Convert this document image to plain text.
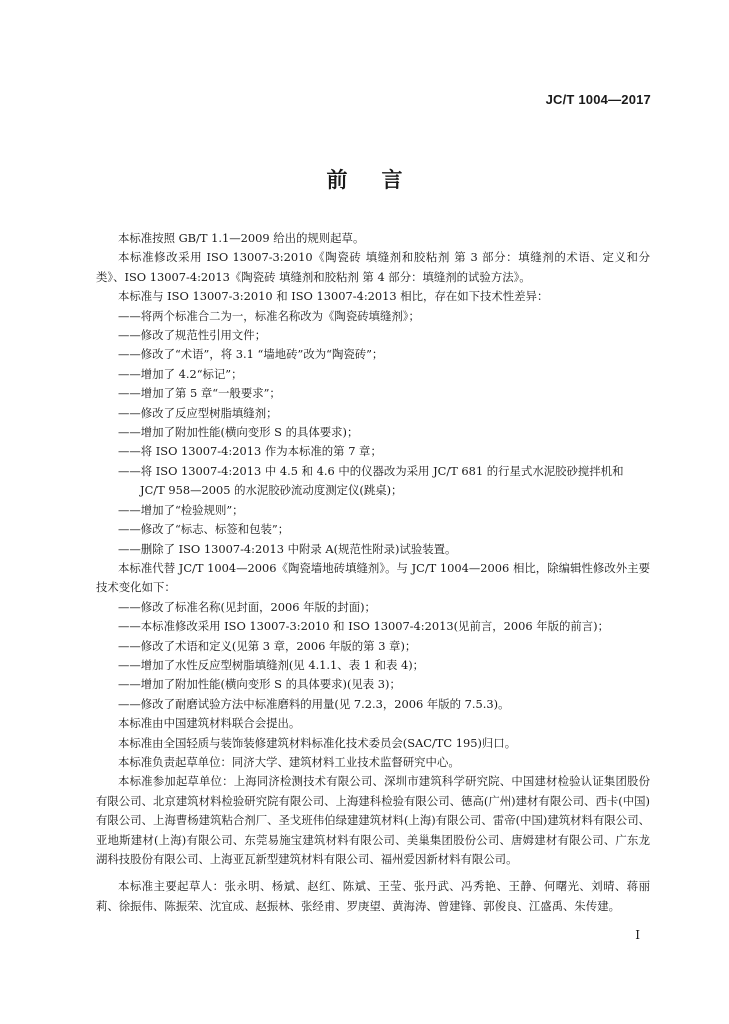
JC/T 1004—2017
前言

本标准按照 GB/T 1.1—2009 给出的规则起草。

本标准修改采用 ISO 13007-3:2010《陶瓷砖 填缝剂和胶粘剂 第 3 部分：填缝剂的术语、定义和分类》、ISO 13007-4:2013《陶瓷砖 填缝剂和胶粘剂 第 4 部分：填缝剂的试验方法》。

本标准与 ISO 13007-3:2010 和 ISO 13007-4:2013 相比，存在如下技术性差异：

——将两个标准合二为一，标准名称改为《陶瓷砖填缝剂》；

——修改了规范性引用文件；

——修改了“术语”，将 3.1 “墙地砖”改为“陶瓷砖”；

——增加了 4.2“标记”；

——增加了第 5 章“一般要求”；

——修改了反应型树脂填缝剂；

——增加了附加性能(横向变形 S 的具体要求)；

——将 ISO 13007-4:2013 作为本标准的第 7 章；

——将 ISO 13007-4:2013 中 4.5 和 4.6 中的仪器改为采用 JC/T 681 的行星式水泥胶砂搅拌机和

JC/T 958—2005 的水泥胶砂流动度测定仪(跳桌)；

——增加了“检验规则”；

——修改了“标志、标签和包装”；

——删除了 ISO 13007-4:2013 中附录 A(规范性附录)试验装置。

本标准代替 JC/T 1004—2006《陶瓷墙地砖填缝剂》。与 JC/T 1004—2006 相比，除编辑性修改外主要技术变化如下：

——修改了标准名称(见封面，2006 年版的封面)；

——本标准修改采用 ISO 13007-3:2010 和 ISO 13007-4:2013(见前言，2006 年版的前言)；

——修改了术语和定义(见第 3 章，2006 年版的第 3 章)；

——增加了水性反应型树脂填缝剂(见 4.1.1、表 1 和表 4)；

——增加了附加性能(横向变形 S 的具体要求)(见表 3)；

——修改了耐磨试验方法中标准磨料的用量(见 7.2.3，2006 年版的 7.5.3)。

本标准由中国建筑材料联合会提出。

本标准由全国轻质与装饰装修建筑材料标准化技术委员会(SAC/TC 195)归口。

本标准负责起草单位：同济大学、建筑材料工业技术监督研究中心。

本标准参加起草单位：上海同济检测技术有限公司、深圳市建筑科学研究院、中国建材检验认证集团股份有限公司、北京建筑材料检验研究院有限公司、上海建科检验有限公司、德高(广州)建材有限公司、西卡(中国)有限公司、上海曹杨建筑粘合剂厂、圣戈班伟伯绿建建筑材料(上海)有限公司、雷帝(中国)建筑材料有限公司、亚地斯建材(上海)有限公司、东莞易施宝建筑材料有限公司、美巢集团股份公司、唐姆建材有限公司、广东龙湖科技股份有限公司、上海亚瓦新型建筑材料有限公司、福州爱因新材料有限公司。

本标准主要起草人：张永明、杨斌、赵红、陈斌、王莹、张丹武、冯秀艳、王静、何曙光、刘晴、蒋丽莉、徐振伟、陈振荣、沈宜成、赵振林、张经甫、罗庚望、黄海涛、曾建锋、郭俊良、江盛禹、朱传建。

I
